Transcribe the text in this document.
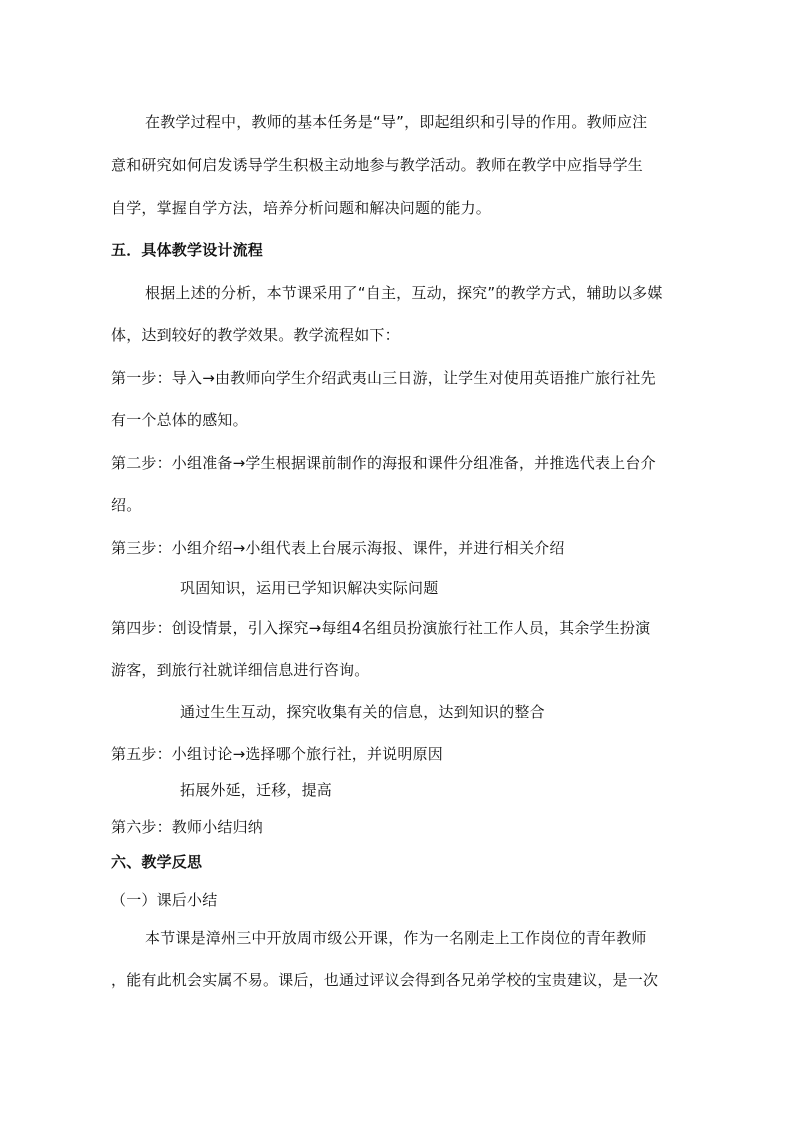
在教学过程中，教师的基本任务是“导”，即起组织和引导的作用。教师应注
意和研究如何启发诱导学生积极主动地参与教学活动。教师在教学中应指导学生
自学，掌握自学方法，培养分析问题和解决问题的能力。
五．具体教学设计流程
根据上述的分析，本节课采用了“自主，互动，探究”的教学方式，辅助以多媒
体，达到较好的教学效果。教学流程如下：
第一步：导入→由教师向学生介绍武夷山三日游，让学生对使用英语推广旅行社先
有一个总体的感知。
第二步：小组准备→学生根据课前制作的海报和课件分组准备，并推选代表上台介
绍。
第三步：小组介绍→小组代表上台展示海报、课件，并进行相关介绍
巩固知识，运用已学知识解决实际问题
第四步：创设情景，引入探究→每组4名组员扮演旅行社工作人员，其余学生扮演
游客，到旅行社就详细信息进行咨询。
通过生生互动，探究收集有关的信息，达到知识的整合
第五步：小组讨论→选择哪个旅行社，并说明原因
拓展外延，迁移，提高
第六步：教师小结归纳
六、教学反思
（一）课后小结
本节课是漳州三中开放周市级公开课，作为一名刚走上工作岗位的青年教师
，能有此机会实属不易。课后，也通过评议会得到各兄弟学校的宝贵建议，是一次
